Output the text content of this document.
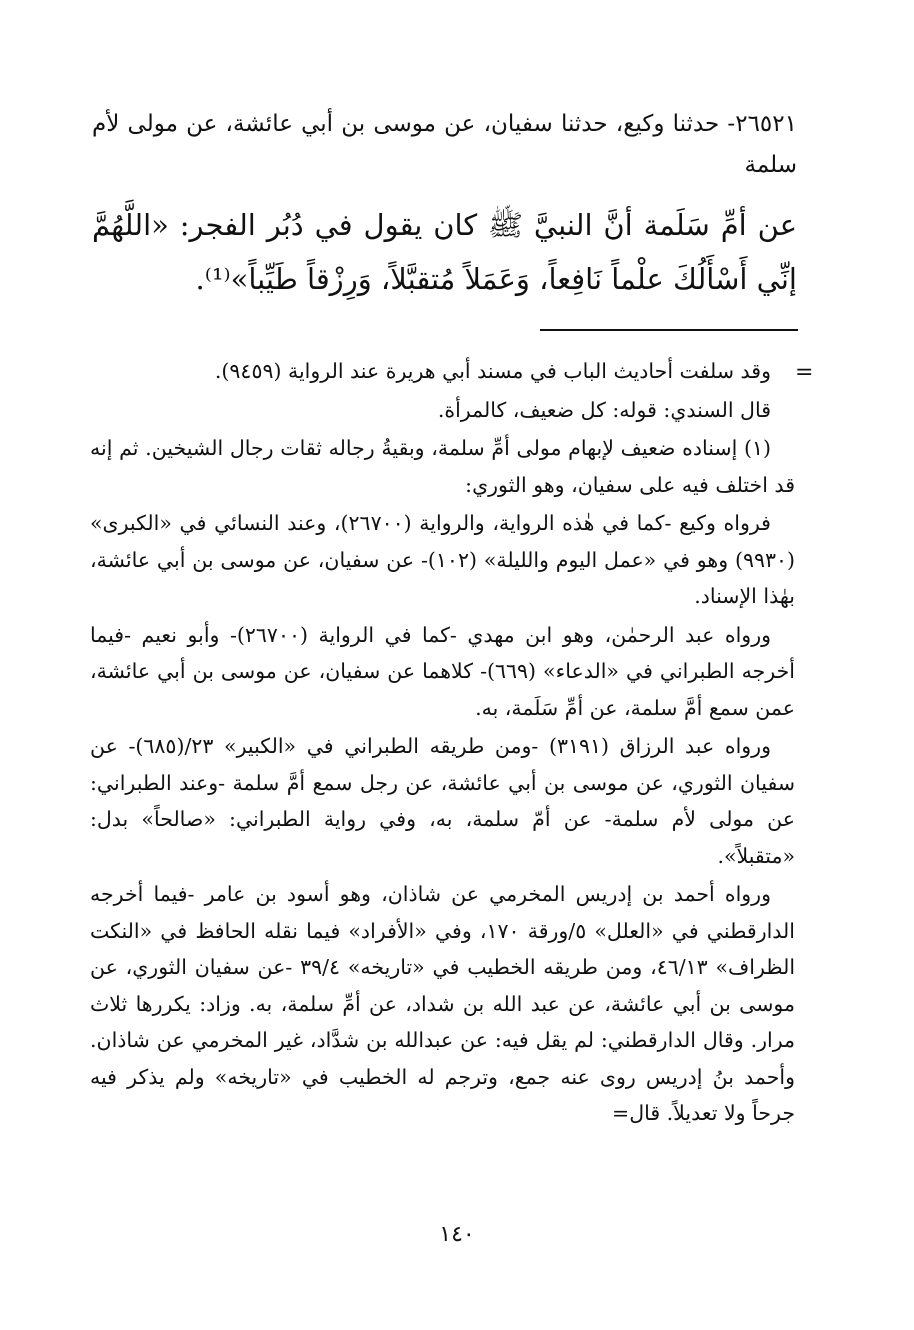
٢٦٥٢١- حدثنا وكيع، حدثنا سفيان، عن موسى بن أبي عائشة، عن مولى لأم سلمة

عن أمِّ سَلَمة أنَّ النبيَّ ﷺ كان يقول في دُبُر الفجر: «اللَّهُمَّ إنِّي أَسْأَلُكَ علْماً نَافِعاً، وَعَمَلاً مُتقبَّلاً، وَرِزْقاً طَيِّباً»⁽¹⁾.

=

وقد سلفت أحاديث الباب في مسند أبي هريرة عند الرواية (٩٤٥٩).

قال السندي: قوله: كل ضعيف، كالمرأة.

(١) إسناده ضعيف لإبهام مولى أمِّ سلمة، وبقيةُ رجاله ثقات رجال الشيخين. ثم إنه قد اختلف فيه على سفيان، وهو الثوري:

فرواه وكيع -كما في هٰذه الرواية، والرواية (٢٦٧٠٠)، وعند النسائي في «الكبرى» (٩٩٣٠) وهو في «عمل اليوم والليلة» (١٠٢)- عن سفيان، عن موسى بن أبي عائشة، بهٰذا الإسناد.

ورواه عبد الرحمٰن، وهو ابن مهدي -كما في الرواية (٢٦٧٠٠)- وأبو نعيم -فيما أخرجه الطبراني في «الدعاء» (٦٦٩)- كلاهما عن سفيان، عن موسى بن أبي عائشة، عمن سمع أمَّ سلمة، عن أمِّ سَلَمة، به.

ورواه عبد الرزاق (٣١٩١) -ومن طريقه الطبراني في «الكبير» ٢٣/(٦٨٥)- عن سفيان الثوري، عن موسى بن أبي عائشة، عن رجل سمع أمَّ سلمة -وعند الطبراني: عن مولى لأم سلمة- عن أمّ سلمة، به، وفي رواية الطبراني: «صالحاً» بدل: «متقبلاً».

ورواه أحمد بن إدريس المخرمي عن شاذان، وهو أسود بن عامر -فيما أخرجه الدارقطني في «العلل» ٥/ورقة ١٧٠، وفي «الأفراد» فيما نقله الحافظ في «النكت الظراف» ٤٦/١٣، ومن طريقه الخطيب في «تاريخه» ٣٩/٤ -عن سفيان الثوري، عن موسى بن أبي عائشة، عن عبد الله بن شداد، عن أمِّ سلمة، به. وزاد: يكررها ثلاث مرار. وقال الدارقطني: لم يقل فيه: عن عبدالله بن شدَّاد، غير المخرمي عن شاذان. وأحمد بنُ إدريس روى عنه جمع، وترجم له الخطيب في «تاريخه» ولم يذكر فيه جرحاً ولا تعديلاً. قال=

١٤٠
